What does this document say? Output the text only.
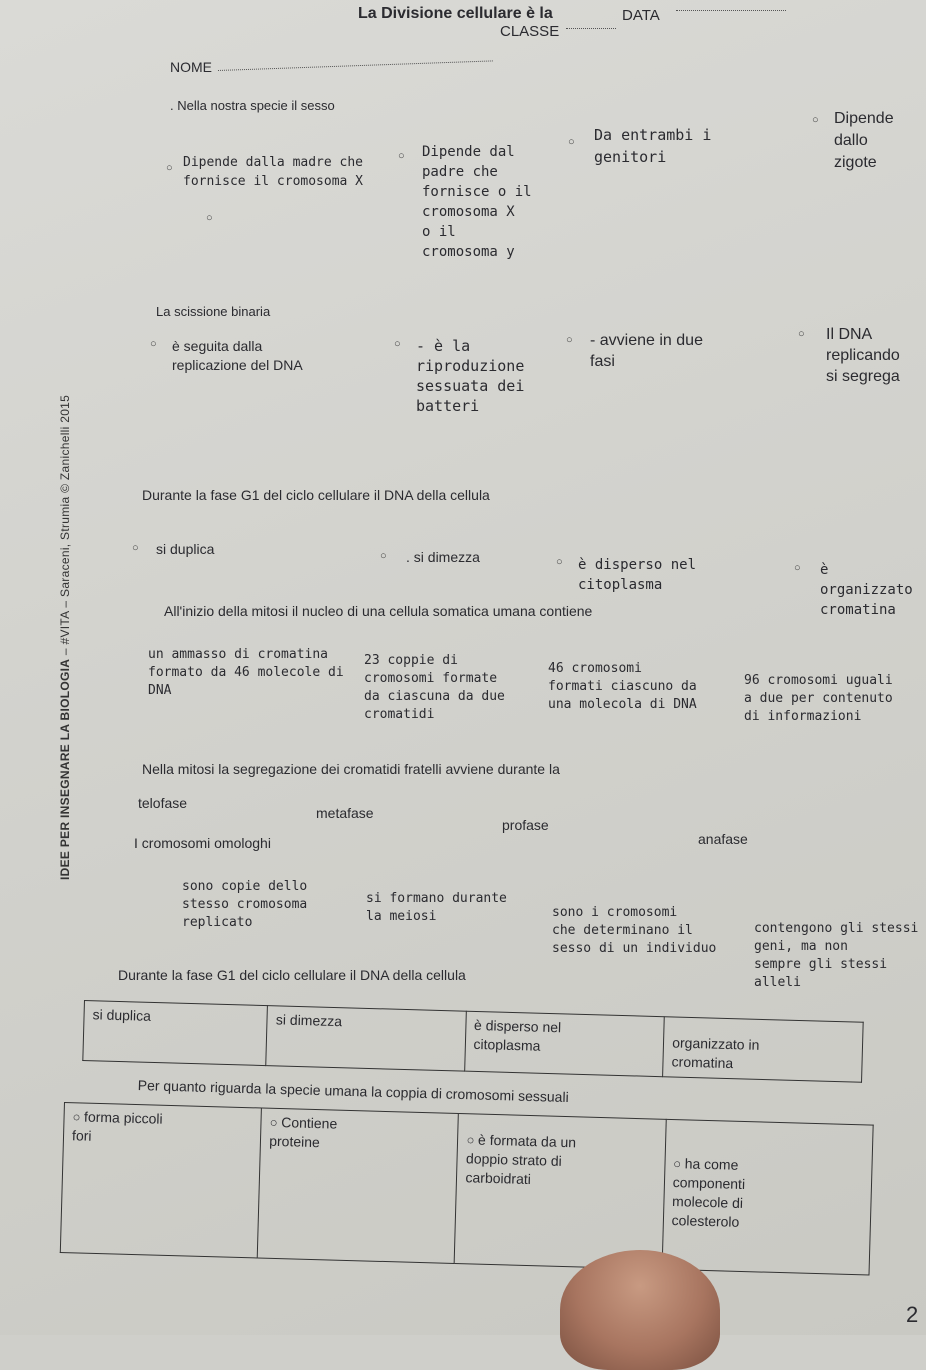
La Divisione cellulare è la	DATA
CLASSE
NOME
. Nella nostra specie il sesso
○ Dipende dalla madre che
fornisce il cromosoma X
○
○ Dipende dal
padre che
fornisce o il
cromosoma X
o il
cromosoma y
○ Da entrambi i
genitori
○ Dipende
dallo
zigote
La scissione binaria
○ è seguita dalla
replicazione del DNA
○ - è la
riproduzione
sessuata dei
batteri
○ - avviene in due
fasi
○ Il DNA
replicando
si segrega
IDEE PER INSEGNARE LA BIOLOGIA – #VITA – Saraceni, Strumia © Zanichelli 2015	Durante la fase G1 del ciclo cellulare il DNA della cellula
○ si duplica	○ . si dimezza	○ è disperso nel
citoplasma
○ è organizzato
cromatina
All'inizio della mitosi il nucleo di una cellula somatica umana contiene
un ammasso di cromatina
formato da 46 molecole di
DNA
23 coppie di
cromosomi formate
da ciascuna da due
cromatidi
46 cromosomi
formati ciascuno da
una molecola di DNA
96 cromosomi uguali
a due per contenuto
di informazioni
Nella mitosi la segregazione dei cromatidi fratelli avviene durante la
telofase
metafase
profase
anafase
I cromosomi omologhi
sono copie dello
stesso cromosoma
replicato
si formano durante
la meiosi	sono i cromosomi
che determinano il
sesso di un individuo
contengono gli stessi
geni, ma non
sempre gli stessi
alleli
Durante la fase G1 del ciclo cellulare il DNA della cellula
si duplica	si dimezza	è disperso nel
citoplasma	organizzato in
cromatina
Per quanto riguarda la specie umana la coppia di cromosomi sessuali
○ forma piccoli
fori	○ Contiene
proteine	○ è formata da un
doppio strato di
carboidrati	○ ha come
componenti
molecole di
colesterolo
2
